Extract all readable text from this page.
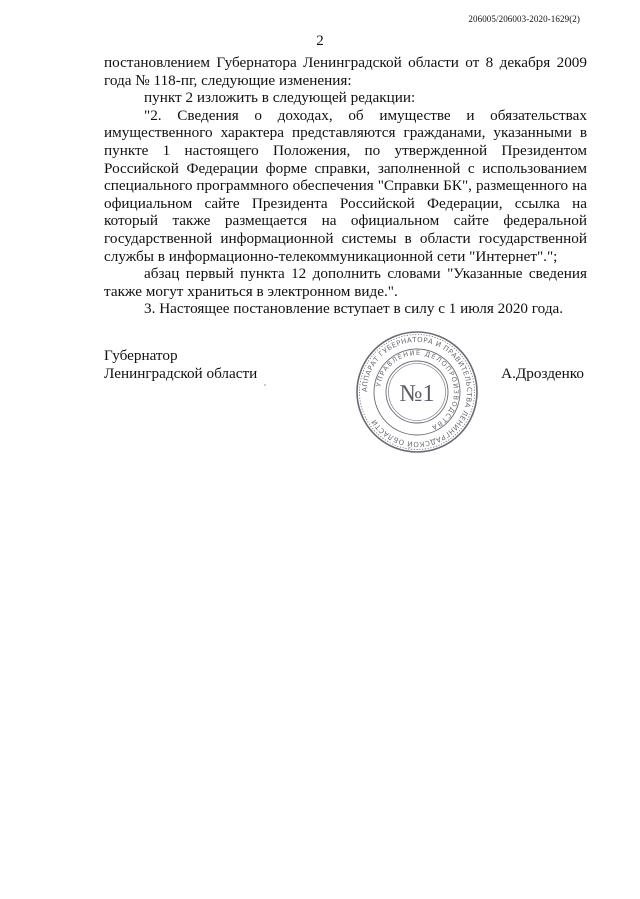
206005/206003-2020-1629(2)
2

постановлением Губернатора Ленинградской области от 8 декабря 2009 года № 118-пг, следующие изменения:

пункт 2 изложить в следующей редакции:

"2. Сведения о доходах, об имуществе и обязательствах имущественного характера представляются гражданами, указанными в пункте 1 настоящего Положения, по утвержденной Президентом Российской Федерации форме справки, заполненной с использованием специального программного обеспечения "Справки БК", размещенного на официальном сайте Президента Российской Федерации, ссылка на который также размещается на официальном сайте федеральной государственной информационной системы в области государственной службы в информационно-телекоммуникационной сети "Интернет".";

абзац первый пункта 12 дополнить словами "Указанные сведения также могут храниться в электронном виде.".

3. Настоящее постановление вступает в силу с 1 июля 2020 года.

Губернатор
Ленинградской области
АППАРАТ ГУБЕРНАТОРА И ПРАВИТЕЛЬСТВА ЛЕНИНГРАДСКОЙ ОБЛАСТИ
УПРАВЛЕНИЕ ДЕЛОПРОИЗВОДСТВА
№1
А.Дрозденко
